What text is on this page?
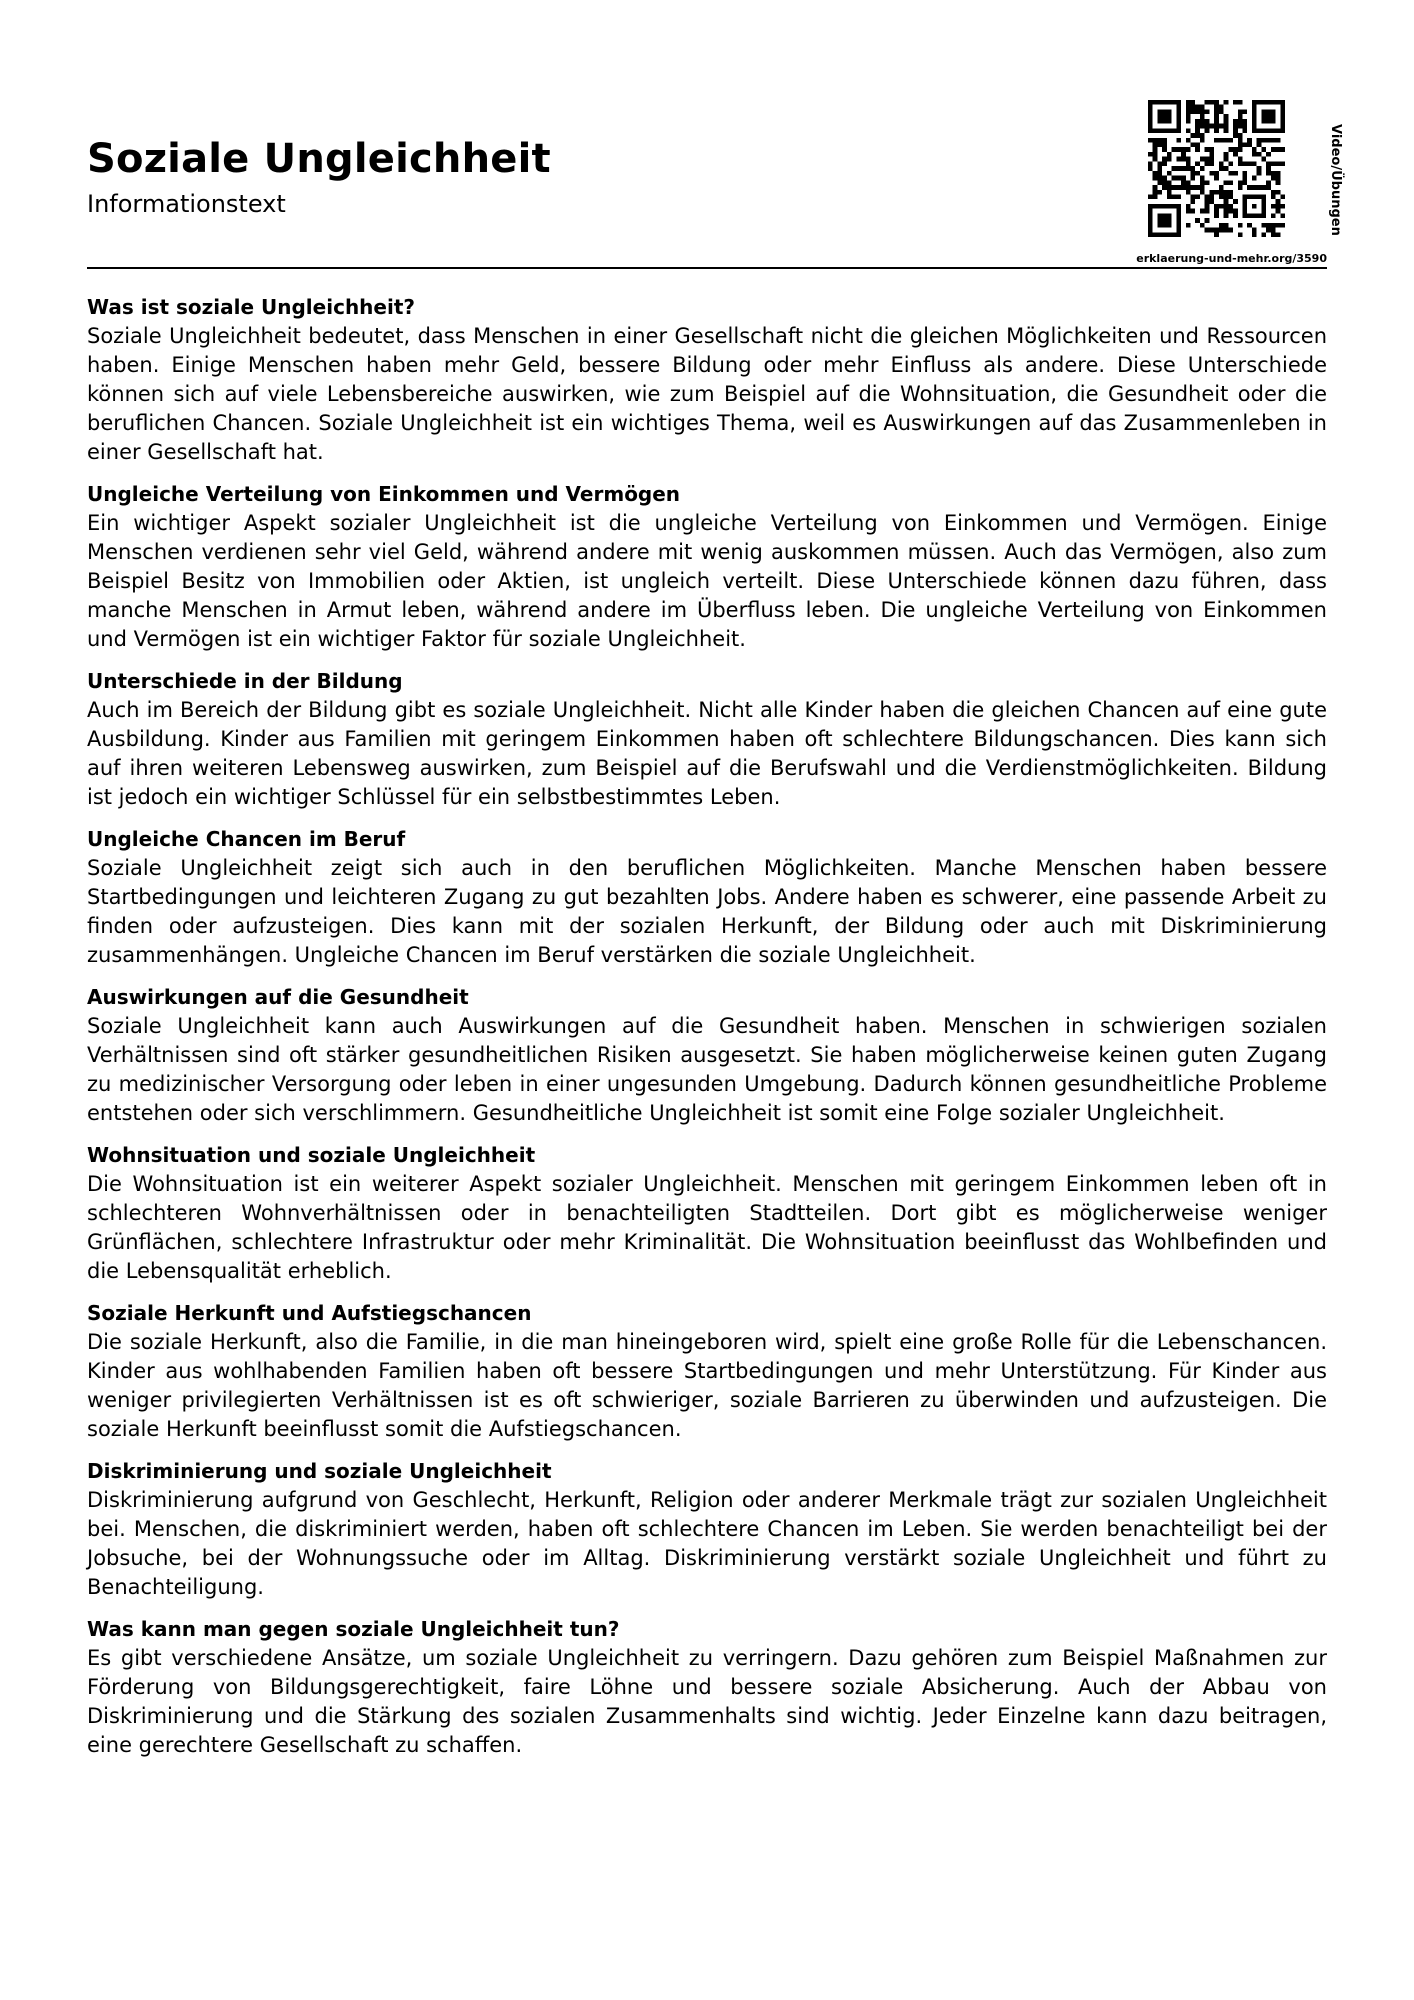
Soziale Ungleichheit
Informationstext	Video/Übungen
erklaerung-und-mehr.org/3590
Was ist soziale Ungleichheit?

Soziale Ungleichheit bedeutet, dass Menschen in einer Gesellschaft nicht die gleichen Möglichkeiten und Ressourcen haben. Einige Menschen haben mehr Geld, bessere Bildung oder mehr Einfluss als andere. Diese Unterschiede können sich auf viele Lebensbereiche auswirken, wie zum Beispiel auf die Wohnsituation, die Gesundheit oder die beruflichen Chancen. Soziale Ungleichheit ist ein wichtiges Thema, weil es Auswirkungen auf das Zusammenleben in einer Gesellschaft hat.

Ungleiche Verteilung von Einkommen und Vermögen

Ein wichtiger Aspekt sozialer Ungleichheit ist die ungleiche Verteilung von Einkommen und Vermögen. Einige Menschen verdienen sehr viel Geld, während andere mit wenig auskommen müssen. Auch das Vermögen, also zum Beispiel Besitz von Immobilien oder Aktien, ist ungleich verteilt. Diese Unterschiede können dazu führen, dass manche Menschen in Armut leben, während andere im Überfluss leben. Die ungleiche Verteilung von Einkommen und Vermögen ist ein wichtiger Faktor für soziale Ungleichheit.

Unterschiede in der Bildung

Auch im Bereich der Bildung gibt es soziale Ungleichheit. Nicht alle Kinder haben die gleichen Chancen auf eine gute Ausbildung. Kinder aus Familien mit geringem Einkommen haben oft schlechtere Bildungschancen. Dies kann sich auf ihren weiteren Lebensweg auswirken, zum Beispiel auf die Berufswahl und die Verdienstmöglichkeiten. Bildung ist jedoch ein wichtiger Schlüssel für ein selbstbestimmtes Leben.

Ungleiche Chancen im Beruf

Soziale Ungleichheit zeigt sich auch in den beruflichen Möglichkeiten. Manche Menschen haben bessere Startbedingungen und leichteren Zugang zu gut bezahlten Jobs. Andere haben es schwerer, eine passende Arbeit zu finden oder aufzusteigen. Dies kann mit der sozialen Herkunft, der Bildung oder auch mit Diskriminierung zusammenhängen. Ungleiche Chancen im Beruf verstärken die soziale Ungleichheit.

Auswirkungen auf die Gesundheit

Soziale Ungleichheit kann auch Auswirkungen auf die Gesundheit haben. Menschen in schwierigen sozialen Verhältnissen sind oft stärker gesundheitlichen Risiken ausgesetzt. Sie haben möglicherweise keinen guten Zugang zu medizinischer Versorgung oder leben in einer ungesunden Umgebung. Dadurch können gesundheitliche Probleme entstehen oder sich verschlimmern. Gesundheitliche Ungleichheit ist somit eine Folge sozialer Ungleichheit.

Wohnsituation und soziale Ungleichheit

Die Wohnsituation ist ein weiterer Aspekt sozialer Ungleichheit. Menschen mit geringem Einkommen leben oft in schlechteren Wohnverhältnissen oder in benachteiligten Stadtteilen. Dort gibt es möglicherweise weniger Grünflächen, schlechtere Infrastruktur oder mehr Kriminalität. Die Wohnsituation beeinflusst das Wohlbefinden und die Lebensqualität erheblich.

Soziale Herkunft und Aufstiegschancen

Die soziale Herkunft, also die Familie, in die man hineingeboren wird, spielt eine große Rolle für die Lebenschancen. Kinder aus wohlhabenden Familien haben oft bessere Startbedingungen und mehr Unterstützung. Für Kinder aus weniger privilegierten Verhältnissen ist es oft schwieriger, soziale Barrieren zu überwinden und aufzusteigen. Die soziale Herkunft beeinflusst somit die Aufstiegschancen.

Diskriminierung und soziale Ungleichheit

Diskriminierung aufgrund von Geschlecht, Herkunft, Religion oder anderer Merkmale trägt zur sozialen Ungleichheit bei. Menschen, die diskriminiert werden, haben oft schlechtere Chancen im Leben. Sie werden benachteiligt bei der Jobsuche, bei der Wohnungssuche oder im Alltag. Diskriminierung verstärkt soziale Ungleichheit und führt zu Benachteiligung.

Was kann man gegen soziale Ungleichheit tun?

Es gibt verschiedene Ansätze, um soziale Ungleichheit zu verringern. Dazu gehören zum Beispiel Maßnahmen zur Förderung von Bildungsgerechtigkeit, faire Löhne und bessere soziale Absicherung. Auch der Abbau von Diskriminierung und die Stärkung des sozialen Zusammenhalts sind wichtig. Jeder Einzelne kann dazu beitragen, eine gerechtere Gesellschaft zu schaffen.
